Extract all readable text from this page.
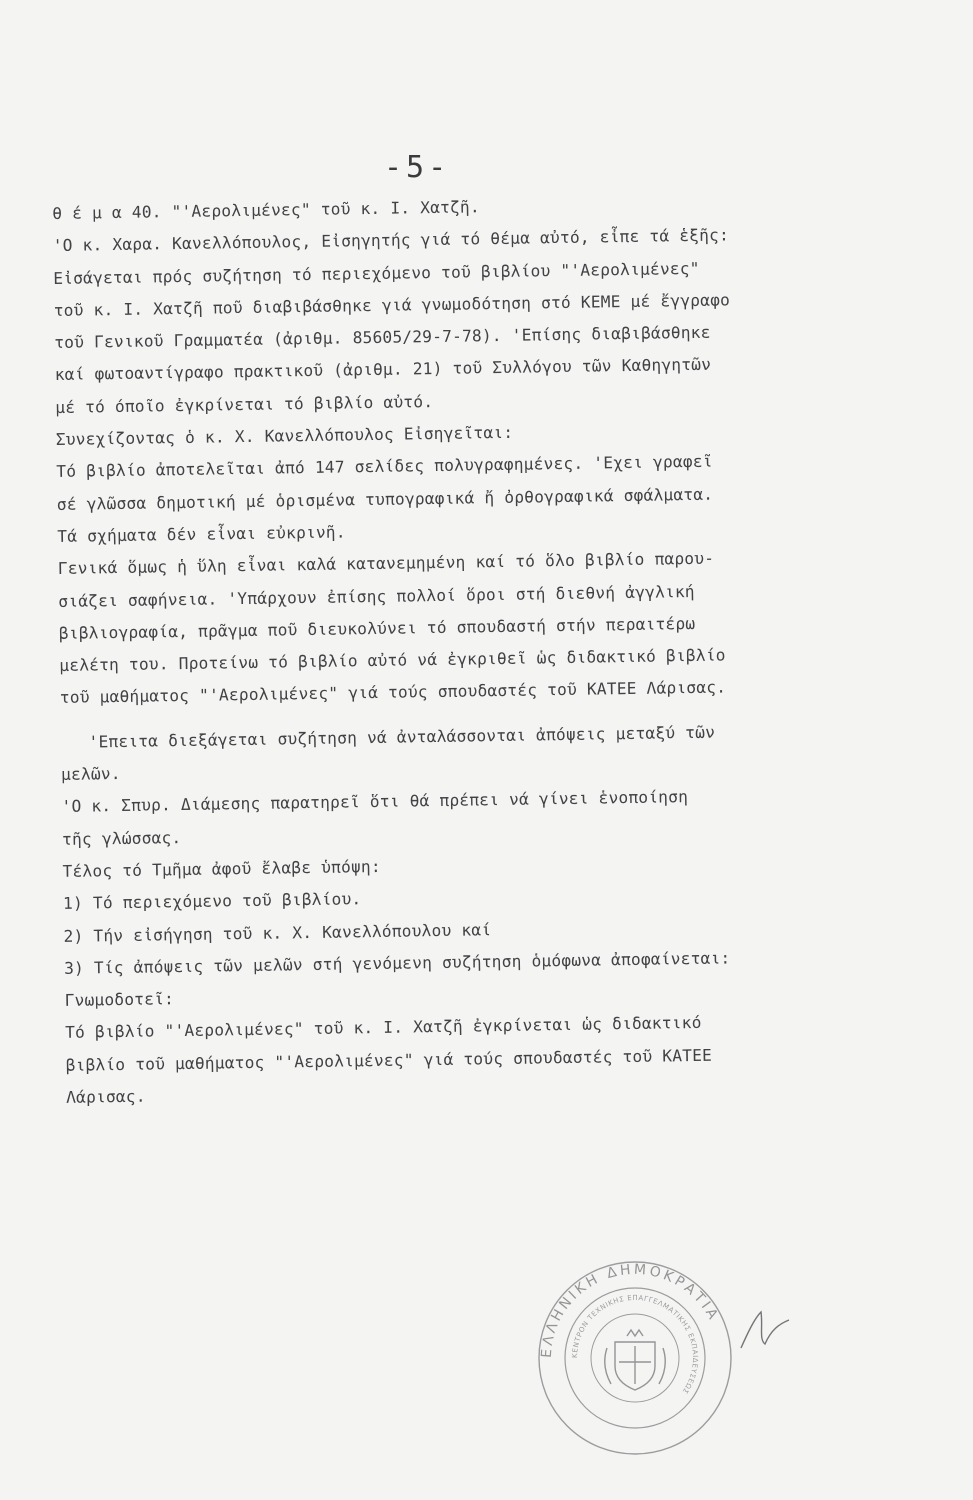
-5-
θ έ μ α 40. "'Αερολιμένες" τοῦ κ. Ι. Χατζῆ.
'Ο κ. Χαρα. Κανελλόπουλος, Εἰσηγητής γιά τό θέμα αὐτό, εἶπε τά ἑξῆς:
Εἰσάγεται πρός συζήτηση τό περιεχόμενο τοῦ βιβλίου "'Αερολιμένες"
τοῦ κ. Ι. Χατζῆ ποῦ διαβιβάσθηκε γιά γνωμοδότηση στό ΚΕΜΕ μέ ἔγγραφο
τοῦ Γενικοῦ Γραμματέα (ἀριθμ. 85605/29-7-78). 'Επίσης διαβιβάσθηκε
καί φωτοαντίγραφο πρακτικοῦ (ἀριθμ. 21) τοῦ Συλλόγου τῶν Καθηγητῶν
μέ τό όποῖο ἐγκρίνεται τό βιβλίο αὐτό.
Συνεχίζοντας ὁ κ. Χ. Κανελλόπουλος Εἰσηγεῖται:
Τό βιβλίο ἀποτελεῖται ἀπό 147 σελίδες πολυγραφημένες. 'Εχει γραφεῖ
σέ γλῶσσα δημοτική μέ ὁρισμένα τυπογραφικά ἤ ὀρθογραφικά σφάλματα.
Τά σχήματα δέν εἶναι εὐκρινῆ.
Γενικά ὅμως ἡ ὕλη εἶναι καλά κατανεμημένη καί τό ὅλο βιβλίο παρου-
σιάζει σαφήνεια. 'Υπάρχουν ἐπίσης πολλοί ὅροι στή διεθνή ἀγγλική
βιβλιογραφία, πρᾶγμα ποῦ διευκολύνει τό σπουδαστή στήν περαιτέρω
μελέτη του. Προτείνω τό βιβλίο αὐτό νά ἐγκριθεῖ ὡς διδακτικό βιβλίο
τοῦ μαθήματος "'Αερολιμένες" γιά τούς σπουδαστές τοῦ ΚΑΤΕΕ Λάρισας.
'Επειτα διεξάγεται συζήτηση νά ἀνταλάσσονται ἀπόψεις μεταξύ τῶν
μελῶν.
'Ο κ. Σπυρ. Διάμεσης παρατηρεῖ ὅτι θά πρέπει νά γίνει ἑνοποίηση
τῆς γλώσσας.
Τέλος τό Τμῆμα ἀφοῦ ἔλαβε ὑπόψη:
1) Τό περιεχόμενο τοῦ βιβλίου.
2) Τήν εἰσήγηση τοῦ κ. Χ. Κανελλόπουλου καί
3) Τίς ἀπόψεις τῶν μελῶν στή γενόμενη συζήτηση ὁμόφωνα ἀποφαίνεται:
Γνωμοδοτεῖ:
Τό βιβλίο "'Αερολιμένες" τοῦ κ. Ι. Χατζῆ ἐγκρίνεται ὡς διδακτικό
βιβλίο τοῦ μαθήματος "'Αερολιμένες" γιά τούς σπουδαστές τοῦ ΚΑΤΕΕ
Λάρισας.
ΕΛΛΗΝΙΚΗ ΔΗΜΟΚΡΑΤΙΑ
ΚΕΝΤΡΟΝ ΤΕΧΝΙΚΗΣ ΕΠΑΓΓΕΛΜΑΤΙΚΗΣ ΕΚΠΑΙΔΕΥΣΕΩΣ
